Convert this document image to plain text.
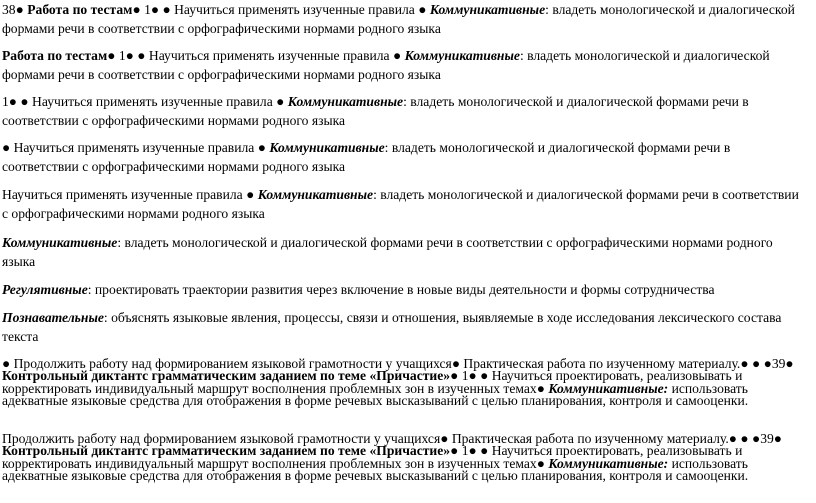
38● Работа по тестам● 1● ● Научиться применять изученные правила ● Коммуникативные: владеть монологической и диалогической формами речи в соответствии с орфографическими нормами родного языка

Работа по тестам● 1● ● Научиться применять изученные правила ● Коммуникативные: владеть монологической и диалогической формами речи в соответствии с орфографическими нормами родного языка

1● ● Научиться применять изученные правила ● Коммуникативные: владеть монологической и диалогической формами речи в соответствии с орфографическими нормами родного языка

● Научиться применять изученные правила ● Коммуникативные: владеть монологической и диалогической формами речи в соответствии с орфографическими нормами родного языка

Научиться применять изученные правила ● Коммуникативные: владеть монологической и диалогической формами речи в соответствии с орфографическими нормами родного языка

Коммуникативные: владеть монологической и диалогической формами речи в соответствии с орфографическими нормами родного языка

Регулятивные: проектировать траектории развития через включение в новые виды деятельности и формы сотрудничества

Познавательные: объяснять языковые явления, процессы, связи и отношения, выявляемые в ходе исследования лексического состава текста

● Продолжить работу над формированием языковой грамотности у учащихся● Практическая работа по изученному материалу.● ● ●39● Контрольный диктантс грамматическим заданием по теме «Причастие»● 1● ● Научиться проектировать, реализовывать и корректировать индивидуальный маршрут восполнения проблемных зон в изученных темах● Коммуникативные: использовать адекватные языковые средства для отображения в форме речевых высказываний с целью планирования, контроля и самооценки.

Продолжить работу над формированием языковой грамотности у учащихся● Практическая работа по изученному материалу.● ● ●39● Контрольный диктантс грамматическим заданием по теме «Причастие»● 1● ● Научиться проектировать, реализовывать и корректировать индивидуальный маршрут восполнения проблемных зон в изученных темах● Коммуникативные: использовать адекватные языковые средства для отображения в форме речевых высказываний с целью планирования, контроля и самооценки.
